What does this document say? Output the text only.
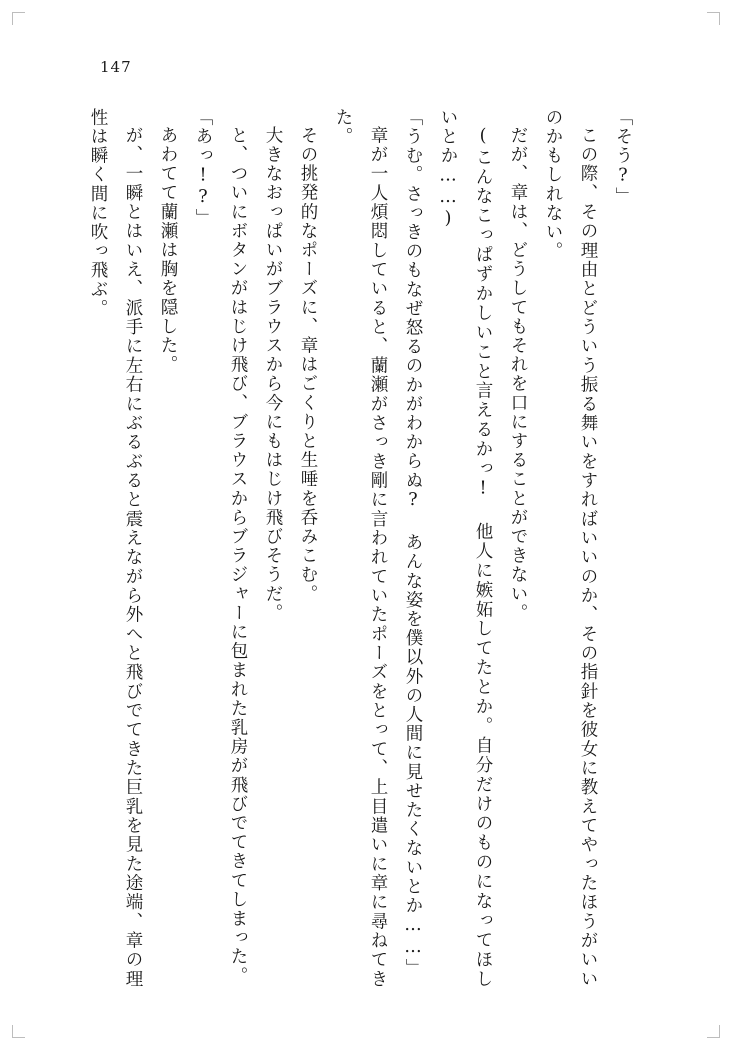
147

「そう?」

この際、その理由とどういう振る舞いをすればいいのか、その指針を彼女に教えてやったほうがいいのかもしれない。

だが、章は、どうしてもそれを口にすることができない。

(こんなこっぱずかしいこと言えるかっ! 他人に嫉妬してたとか。自分だけのものになってほしいとか……)

「うむ。さっきのもなぜ怒るのかがわからぬ? あんな姿を僕以外の人間に見せたくないとか……」

章が一人煩悶していると、蘭瀬がさっき剛に言われていたポーズをとって、上目遣いに章に尋ねてきた。

その挑発的なポーズに、章はごくりと生唾を呑みこむ。

大きなおっぱいがブラウスから今にもはじけ飛びそうだ。

と、ついにボタンがはじけ飛び、ブラウスからブラジャーに包まれた乳房が飛びでてきてしまった。

「あっ!?」

あわてて蘭瀬は胸を隠した。

が、一瞬とはいえ、派手に左右にぶるぶると震えながら外へと飛びでてきた巨乳を見た途端、章の理性は瞬く間に吹っ飛ぶ。
